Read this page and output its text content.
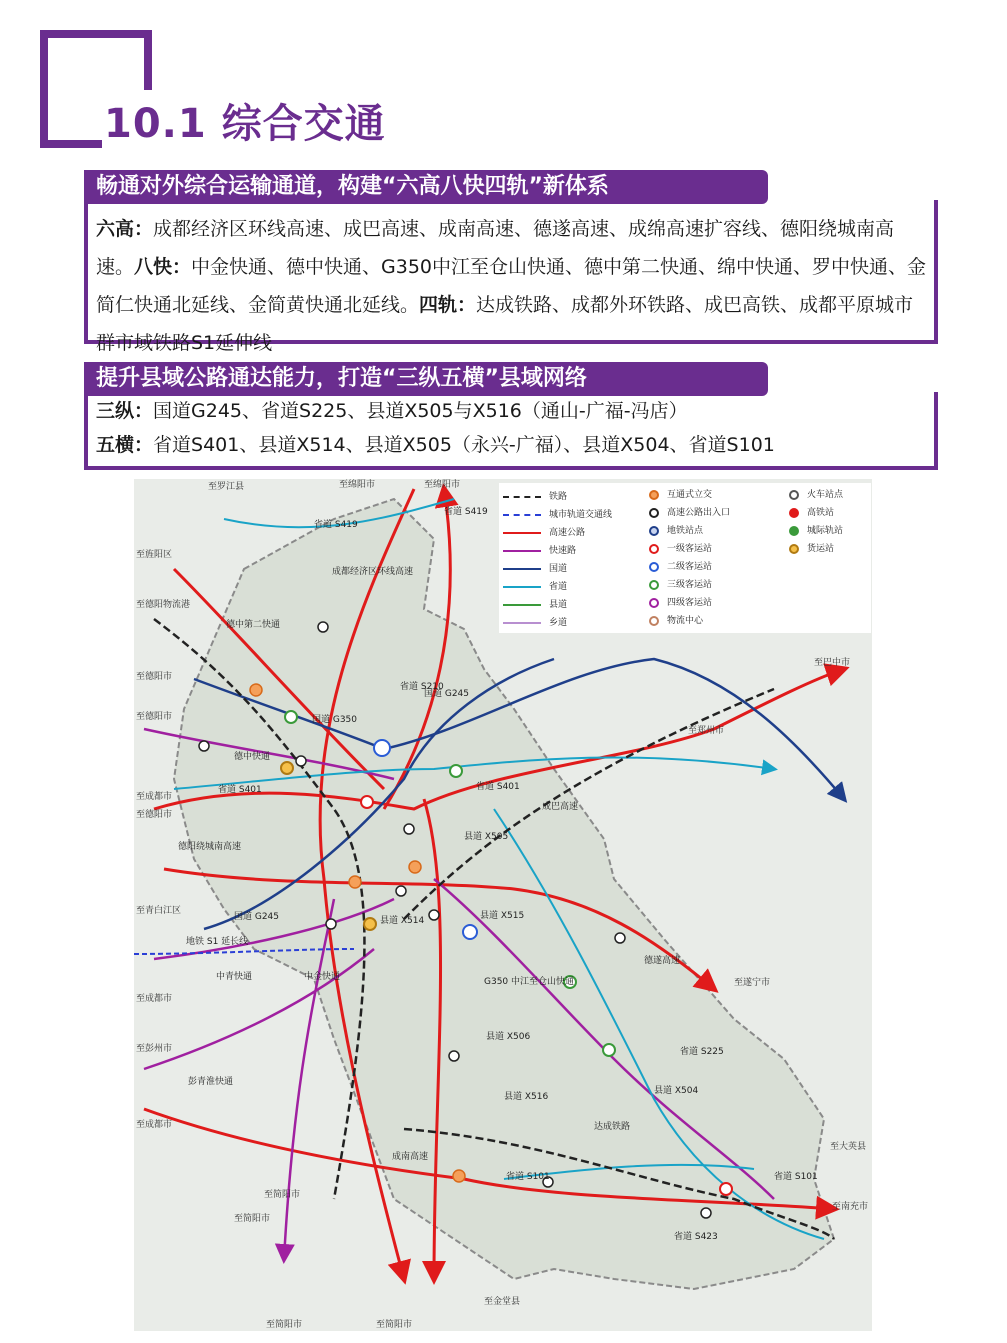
10.1 综合交通
六高：成都经济区环线高速、成巴高速、成南高速、德遂高速、成绵高速扩容线、德阳绕城南高速。八快：中金快通、德中快通、G350中江至仓山快通、德中第二快通、绵中快通、罗中快通、金简仁快通北延线、金简黄快通北延线。四轨：达成铁路、成都外环铁路、成巴高铁、成都平原城市群市域铁路S1延伸线
畅通对外综合运输通道，构建“六高八快四轨”新体系
三纵：国道G245、省道S225、县道X505与X516（通山-广福-冯店）
五横：省道S401、县道X514、县道X505（永兴-广福）、县道X504、省道S101
提升县域公路通达能力，打造“三纵五横”县域网络
至罗江县	至绵阳市	至绵阳市
至旌阳区
至德阳物流港
至德阳市
至德阳市
至成都市
至德阳市
至青白江区
至成都市
至彭州市
至成都市
至简阳市
至简阳市
至简阳市
至金堂县
至简阳市
至巴中市
至郑州市
至遂宁市
至大英县
至南充市
省道 S419
省道 S419
德中第二快通
德中快通
国道 G350
国道 G245
省道 S210
省道 S401
省道 S401
成巴高速
德阳绕城南高速
县道 X514	县道 X515
县道 X505
县道 X506
县道 X516
县道 X504
省道 S225
德遂高速
G350 中江至仓山快通
达成铁路
成南高速
省道 S101	省道 S101
地铁 S1 延长线
中青快通
彭青淮快通
国道 G245
中金快通
成都经济区环线高速
省道 S423
铁路
城市轨道交通线
高速公路
快速路
国道
省道
县道
乡道
互通式立交
高速公路出入口
地铁站点
一级客运站
二级客运站
三级客运站
四级客运站
物流中心
火车站点
高铁站
城际轨站
货运站
